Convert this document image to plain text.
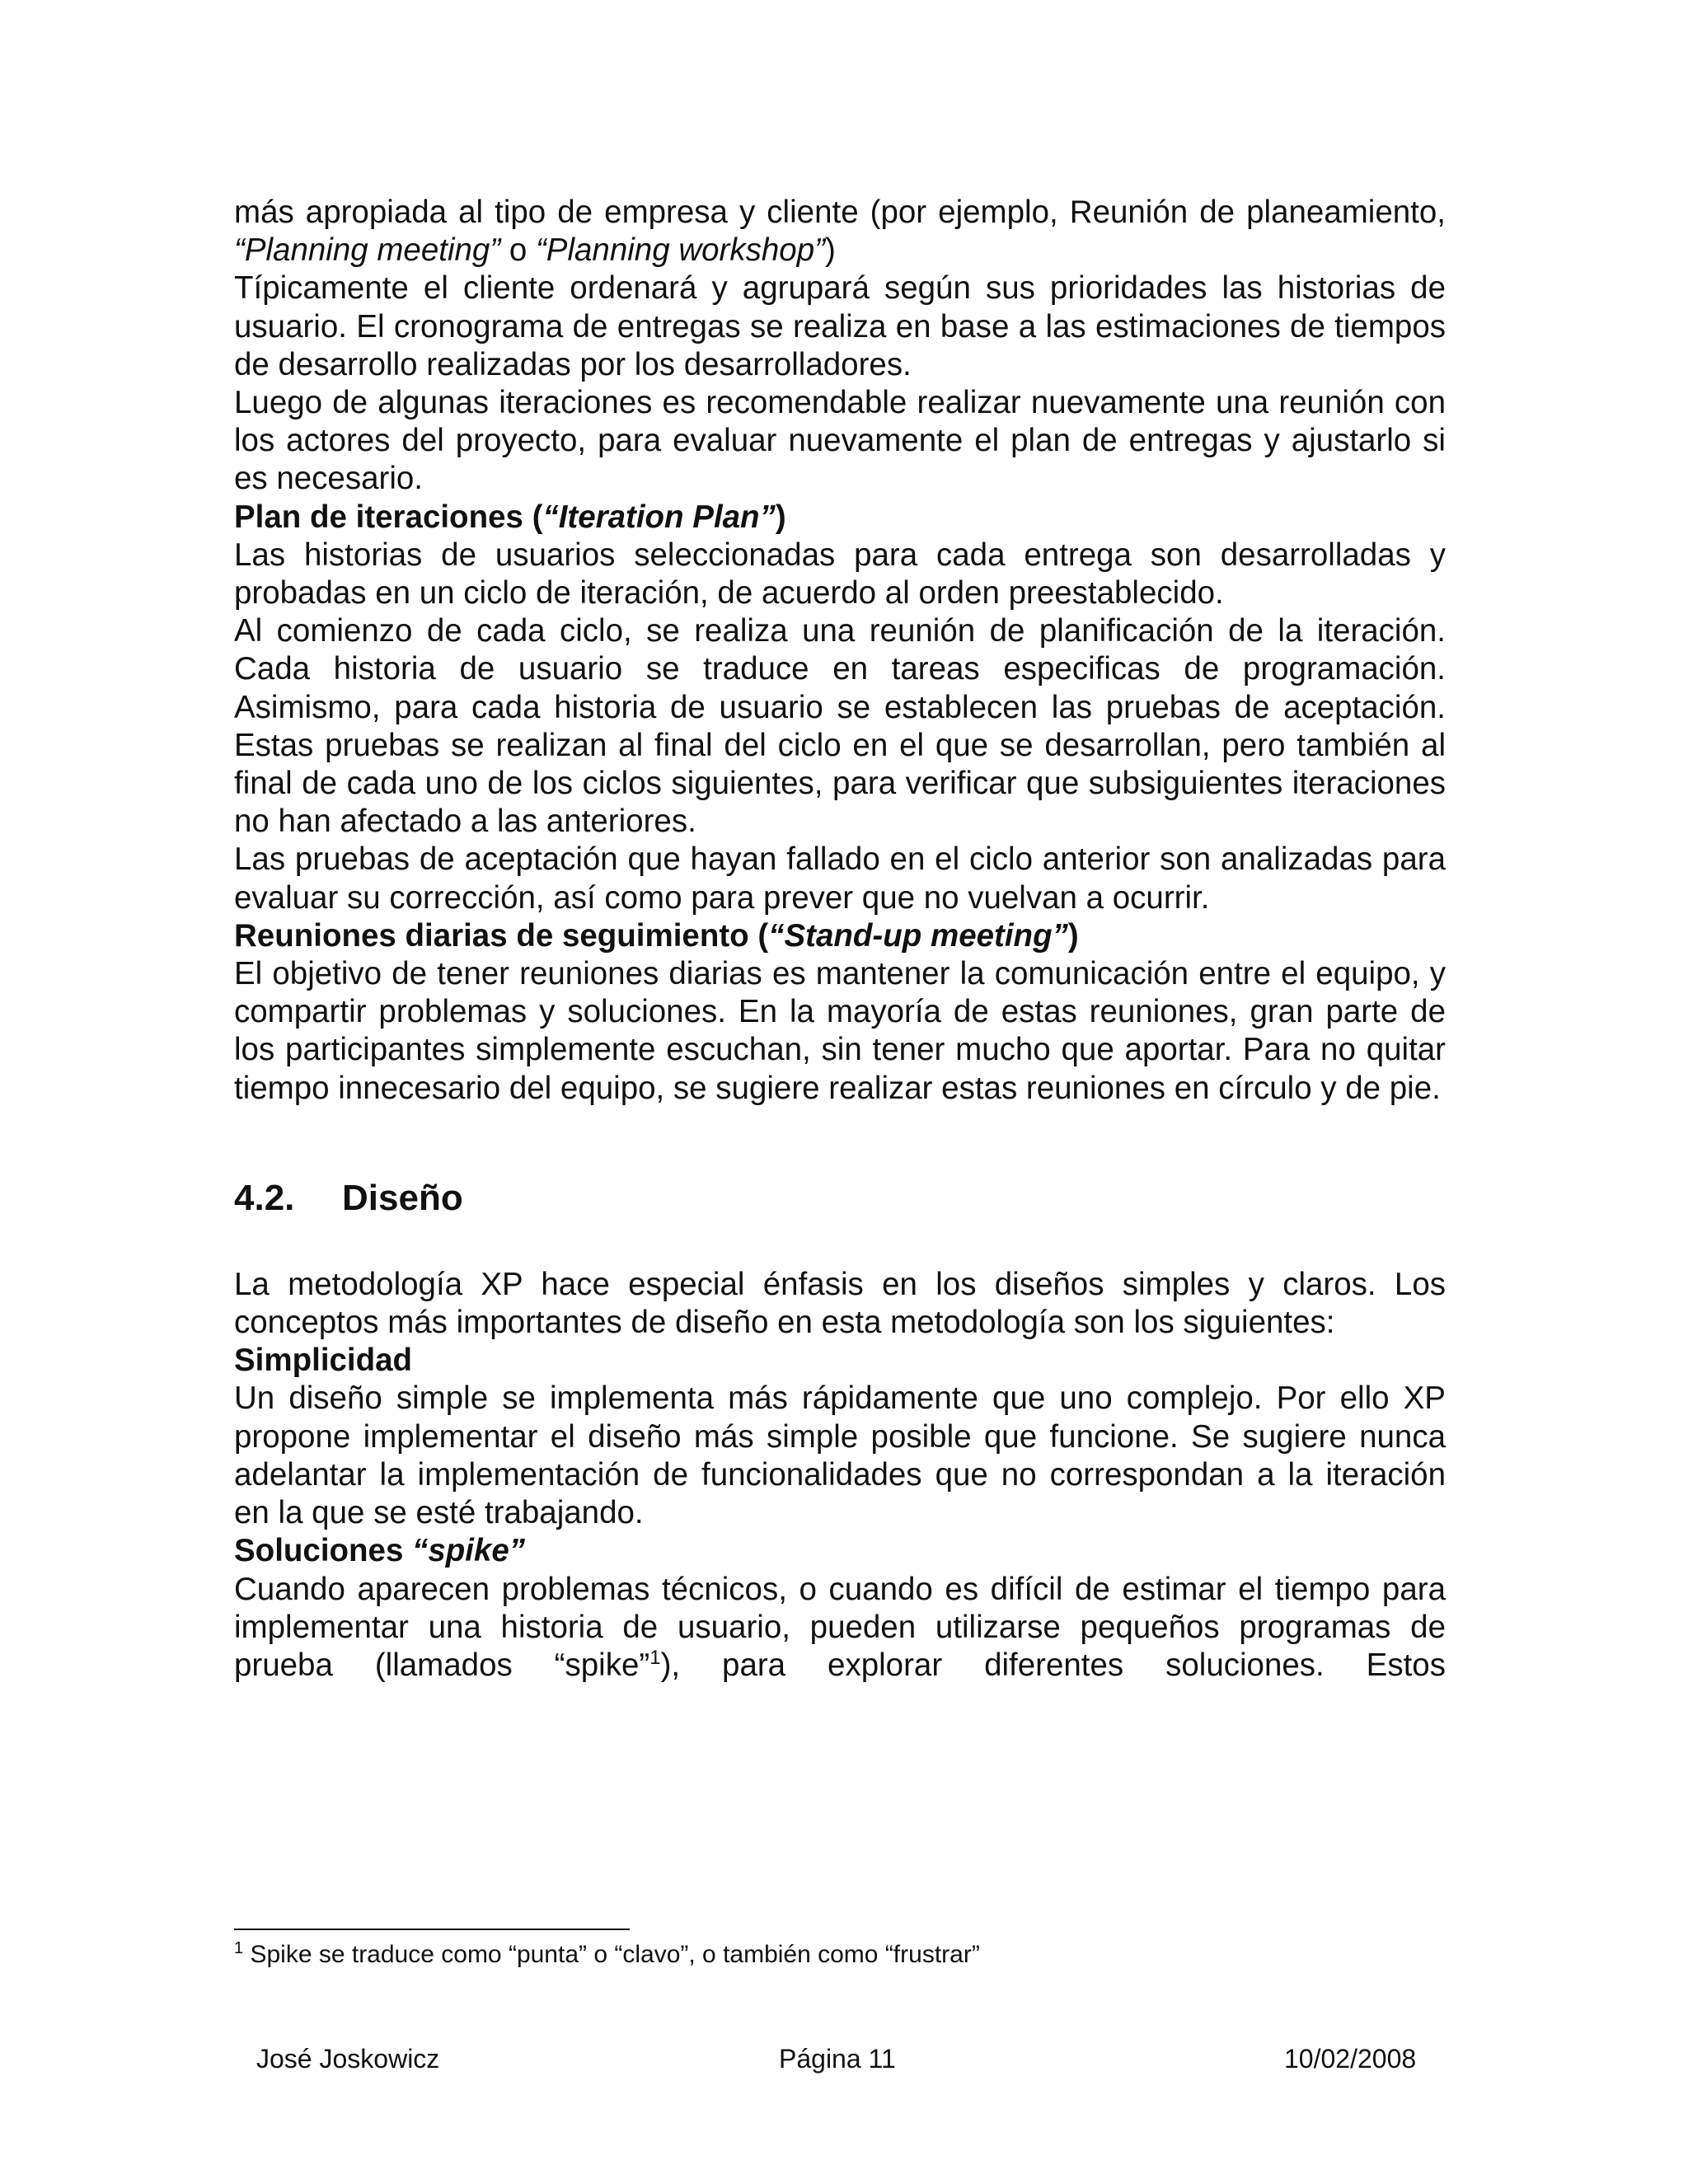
más apropiada al tipo de empresa y cliente (por ejemplo, Reunión de planeamiento, “Planning meeting” o “Planning workshop”)

Típicamente el cliente ordenará y agrupará según sus prioridades las historias de usuario. El cronograma de entregas se realiza en base a las estimaciones de tiempos de desarrollo realizadas por los desarrolladores.

Luego de algunas iteraciones es recomendable realizar nuevamente una reunión con los actores del proyecto, para evaluar nuevamente el plan de entregas y ajustarlo si es necesario.

Plan de iteraciones (“Iteration Plan”)

Las historias de usuarios seleccionadas para cada entrega son desarrolladas y probadas en un ciclo de iteración, de acuerdo al orden preestablecido.

Al comienzo de cada ciclo, se realiza una reunión de planificación de la iteración. Cada historia de usuario se traduce en tareas especificas de programación. Asimismo, para cada historia de usuario se establecen las pruebas de aceptación. Estas pruebas se realizan al final del ciclo en el que se desarrollan, pero también al final de cada uno de los ciclos siguientes, para verificar que subsiguientes iteraciones no han afectado a las anteriores.

Las pruebas de aceptación que hayan fallado en el ciclo anterior son analizadas para evaluar su corrección, así como para prever que no vuelvan a ocurrir.

Reuniones diarias de seguimiento (“Stand-up meeting”)

El objetivo de tener reuniones diarias es mantener la comunicación entre el equipo, y compartir problemas y soluciones. En la mayoría de estas reuniones, gran parte de los participantes simplemente escuchan, sin tener mucho que aportar. Para no quitar tiempo innecesario del equipo, se sugiere realizar estas reuniones en círculo y de pie.

4.2.	Diseño

La metodología XP hace especial énfasis en los diseños simples y claros. Los conceptos más importantes de diseño en esta metodología son los siguientes:

Simplicidad

Un diseño simple se implementa más rápidamente que uno complejo. Por ello XP propone implementar el diseño más simple posible que funcione. Se sugiere nunca adelantar la implementación de funcionalidades que no correspondan a la iteración en la que se esté trabajando.

Soluciones “spike”

Cuando aparecen problemas técnicos, o cuando es difícil de estimar el tiempo para implementar una historia de usuario, pueden utilizarse pequeños programas de prueba (llamados “spike”$^1$), para explorar diferentes soluciones. Estos

$^1$ Spike se traduce como “punta” o “clavo”, o también como “frustrar”
José Joskowicz	Página 11	10/02/2008
